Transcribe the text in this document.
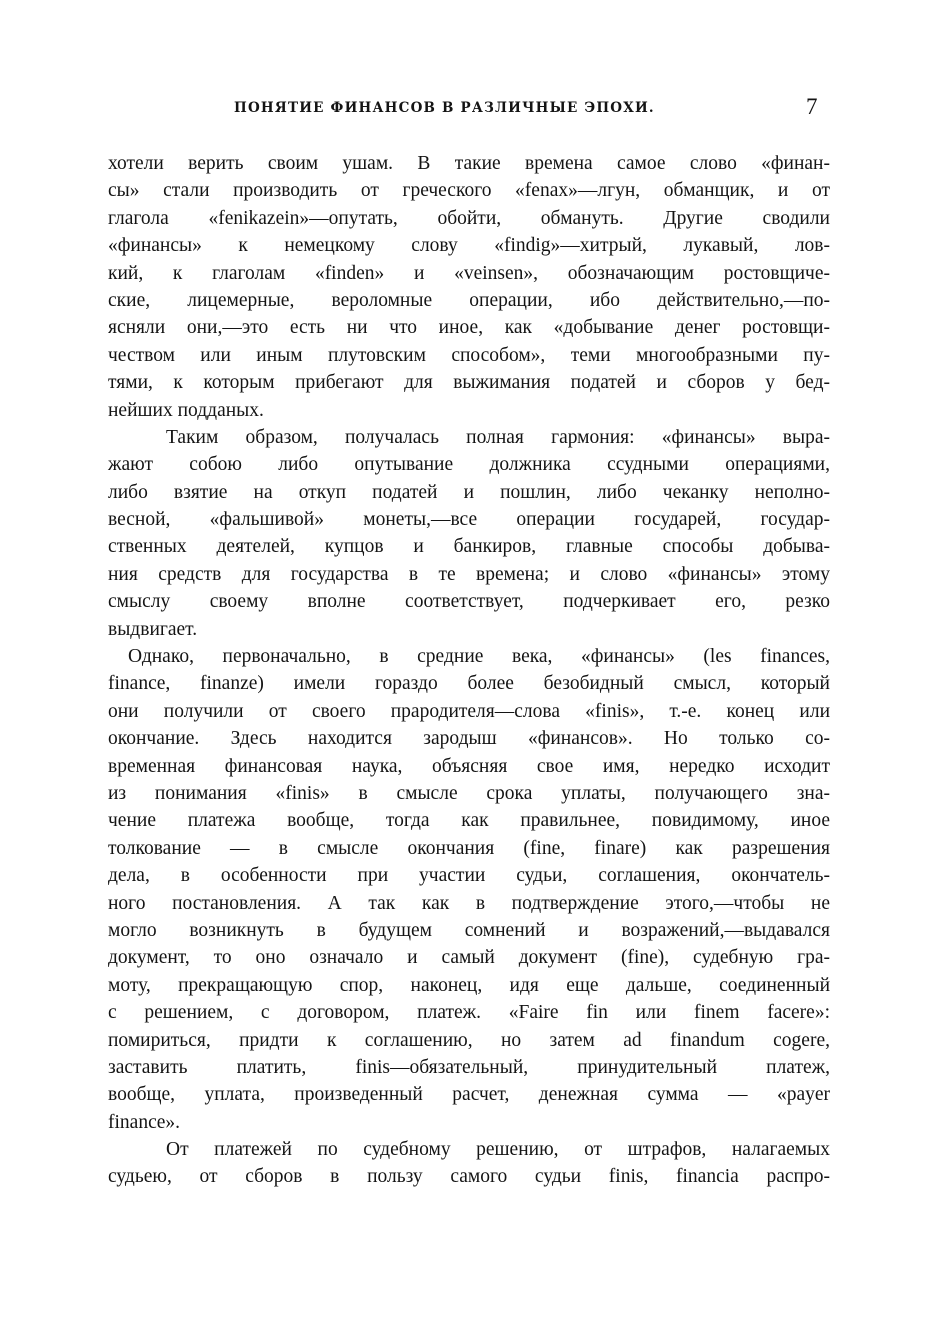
ПОНЯТИЕ ФИНАНСОВ В РАЗЛИЧНЫЕ ЭПОХИ.	7
хотели верить своим ушам. В такие времена самое слово «финан-
сы» стали производить от греческого «fenax»—лгун, обманщик, и от
глагола «fenikazein»—опутать, обойти, обмануть. Другие сводили
«финансы» к немецкому слову «findig»—хитрый, лукавый, лов-
кий, к глаголам «finden» и «veinsen», обозначающим ростовщиче-
ские, лицемерные, вероломные операции, ибо действительно,—по-
ясняли они,—это есть ни что иное, как «добывание денег ростовщи-
чеством или иным плутовским способом», теми многообразными пу-
тями, к которым прибегают для выжимания податей и сборов у бед-
нейших подданых.
Таким образом, получалась полная гармония: «финансы» выра-
жают собою либо опутывание должника ссудными операциями,
либо взятие на откуп податей и пошлин, либо чеканку неполно-
весной, «фальшивой» монеты,—все операции государей, государ-
ственных деятелей, купцов и банкиров, главные способы добыва-
ния средств для государства в те времена; и слово «финансы» этому
смыслу своему вполне соответствует, подчеркивает его, резко
выдвигает.
Однако, первоначально, в средние века, «финансы» (les finances,
finance, finanze) имели гораздо более безобидный смысл, который
они получили от своего прародителя—слова «finis», т.-е. конец или
окончание. Здесь находится зародыш «финансов». Но только со-
временная финансовая наука, объясняя свое имя, нередко исходит
из понимания «finis» в смысле срока уплаты, получающего зна-
чение платежа вообще, тогда как правильнее, повидимому, иное
толкование — в смысле окончания (fine, finare) как разрешения
дела, в особенности при участии судьи, соглашения, окончатель-
ного постановления. А так как в подтверждение этого,—чтобы не
могло возникнуть в будущем сомнений и возражений,—выдавался
документ, то оно означало и самый документ (fine), судебную гра-
моту, прекращающую спор, наконец, идя еще дальше, соединенный
с решением, с договором, платеж. «Faire fin или finem facere»:
помириться, придти к соглашению, но затем ad finandum cogere,
заставить платить, finis—обязательный, принудительный платеж,
вообще, уплата, произведенный расчет, денежная сумма — «payer
finance».
От платежей по судебному решению, от штрафов, налагаемых
судьею, от сборов в пользу самого судьи finis, financia распро-
